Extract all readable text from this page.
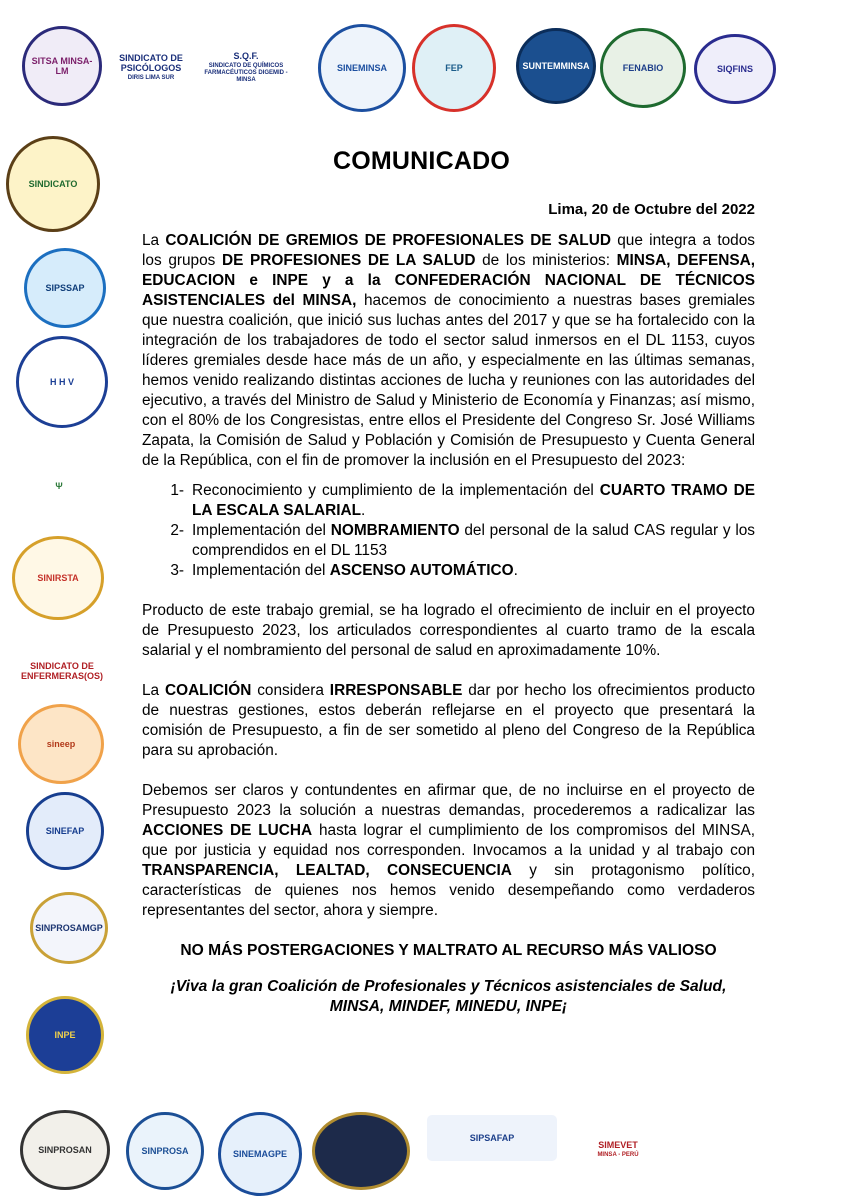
SITSA MINSA-LM
SINDICATO DE PSICÓLOGOS
DIRIS LIMA SUR
S.Q.F.
SINDICATO DE QUÍMICOS FARMACÉUTICOS DIGEMID - MINSA
SINEMINSA	FEP	SUNTEMMINSA	FENABIO	SIQFINS
SINDICATO
SIPSSAP
H H V
Ψ
SINIRSTA
SINDICATO DE ENFERMERAS(OS)
sineep
SINEFAP
SINPROSAMGP
INPE
SINPROSAN	SINPROSA	SINEMAGPE
SIPSAFAP
SIMEVET
MINSA - PERÚ
COMUNICADO
Lima, 20 de Octubre del 2022

La COALICIÓN DE GREMIOS DE PROFESIONALES DE SALUD que integra a todos los grupos DE PROFESIONES DE LA SALUD de los ministerios: MINSA, DEFENSA, EDUCACION e INPE y a la CONFEDERACIÓN NACIONAL DE TÉCNICOS ASISTENCIALES del MINSA, hacemos de conocimiento a nuestras bases gremiales que nuestra coalición, que inició sus luchas antes del 2017 y que se ha fortalecido con la integración de los trabajadores de todo el sector salud inmersos en el DL 1153, cuyos líderes gremiales desde hace más de un año, y especialmente en las últimas semanas, hemos venido realizando distintas acciones de lucha y reuniones con las autoridades del ejecutivo, a través del Ministro de Salud y Ministerio de Economía y Finanzas; así mismo, con el 80% de los Congresistas, entre ellos el Presidente del Congreso Sr. José Williams Zapata, la Comisión de Salud y Población y Comisión de Presupuesto y Cuenta General de la República, con el fin de promover la inclusión en el Presupuesto del 2023:

1- Reconocimiento y cumplimiento de la implementación del CUARTO TRAMO DE LA ESCALA SALARIAL.
2- Implementación del NOMBRAMIENTO del personal de la salud CAS regular y los comprendidos en el DL 1153
3- Implementación del ASCENSO AUTOMÁTICO.

Producto de este trabajo gremial, se ha logrado el ofrecimiento de incluir en el proyecto de Presupuesto 2023, los articulados correspondientes al cuarto tramo de la escala salarial y el nombramiento del personal de salud en aproximadamente 10%.

La COALICIÓN considera IRRESPONSABLE dar por hecho los ofrecimientos producto de nuestras gestiones, estos deberán reflejarse en el proyecto que presentará la comisión de Presupuesto, a fin de ser sometido al pleno del Congreso de la República para su aprobación.

Debemos ser claros y contundentes en afirmar que, de no incluirse en el proyecto de Presupuesto 2023 la solución a nuestras demandas, procederemos a radicalizar las ACCIONES DE LUCHA hasta lograr el cumplimiento de los compromisos del MINSA, que por justicia y equidad nos corresponden. Invocamos a la unidad y al trabajo con TRANSPARENCIA, LEALTAD, CONSECUENCIA y sin protagonismo político, características de quienes nos hemos venido desempeñando como verdaderos representantes del sector, ahora y siempre.

NO MÁS POSTERGACIONES Y MALTRATO AL RECURSO MÁS VALIOSO
¡Viva la gran Coalición de Profesionales y Técnicos asistenciales de Salud,
MINSA, MINDEF, MINEDU, INPE¡
